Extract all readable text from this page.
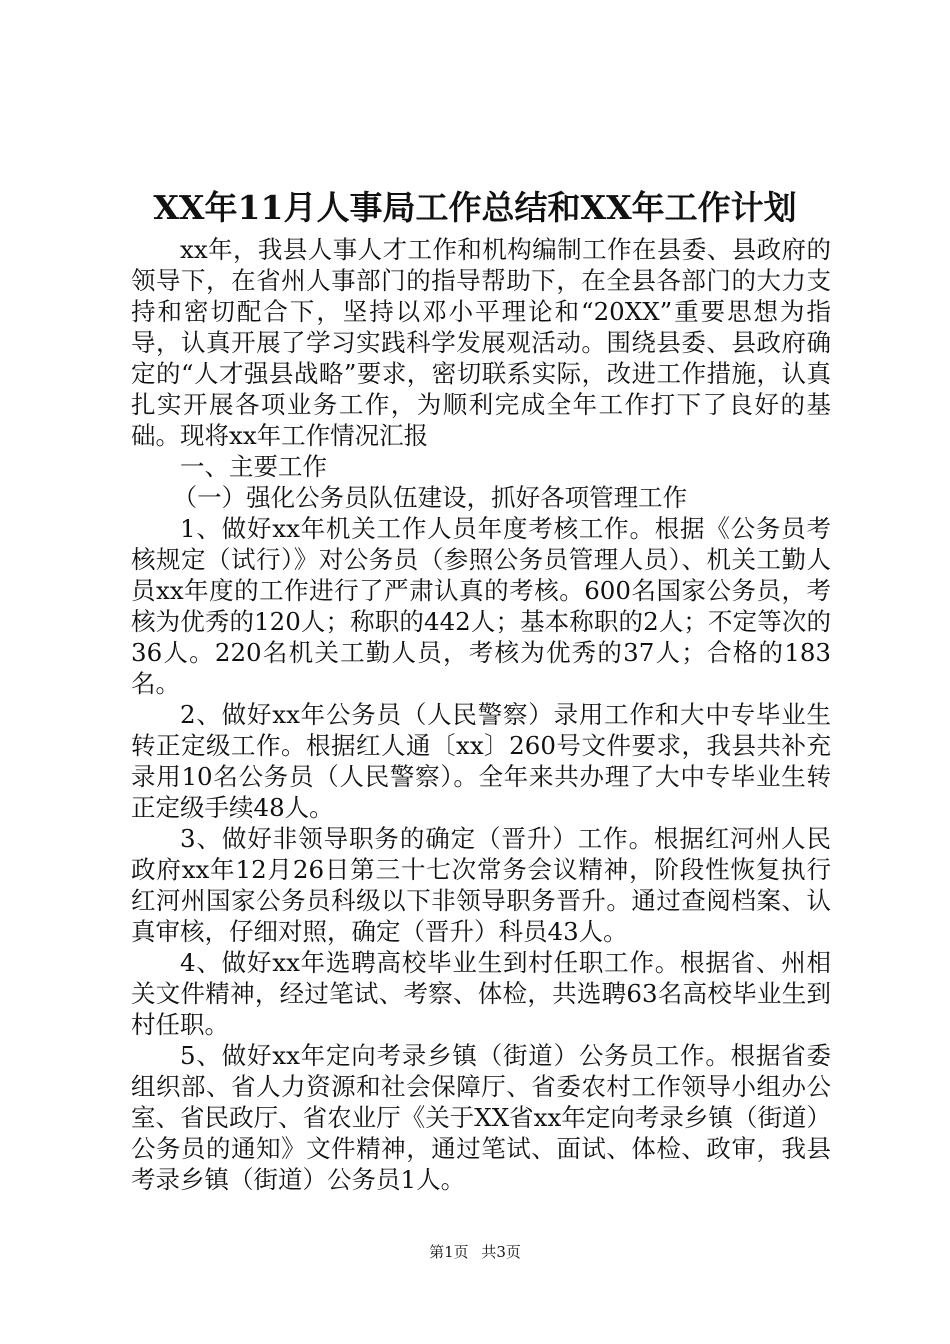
XX年11月人事局工作总结和XX年工作计划

xx年，我县人事人才工作和机构编制工作在县委、县政府的领导下，在省州人事部门的指导帮助下，在全县各部门的大力支持和密切配合下，坚持以邓小平理论和“20XX”重要思想为指导，认真开展了学习实践科学发展观活动。围绕县委、县政府确定的“人才强县战略”要求，密切联系实际，改进工作措施，认真扎实开展各项业务工作，为顺利完成全年工作打下了良好的基础。现将xx年工作情况汇报

一、主要工作

（一）强化公务员队伍建设，抓好各项管理工作

1、做好xx年机关工作人员年度考核工作。根据《公务员考核规定（试行）》对公务员（参照公务员管理人员）、机关工勤人员xx年度的工作进行了严肃认真的考核。600名国家公务员，考核为优秀的120人；称职的442人；基本称职的2人；不定等次的36人。220名机关工勤人员，考核为优秀的37人；合格的183名。

2、做好xx年公务员（人民警察）录用工作和大中专毕业生转正定级工作。根据红人通〔xx〕260号文件要求，我县共补充录用10名公务员（人民警察）。全年来共办理了大中专毕业生转正定级手续48人。

3、做好非领导职务的确定（晋升）工作。根据红河州人民政府xx年12月26日第三十七次常务会议精神，阶段性恢复执行红河州国家公务员科级以下非领导职务晋升。通过查阅档案、认真审核，仔细对照，确定（晋升）科员43人。

4、做好xx年选聘高校毕业生到村任职工作。根据省、州相关文件精神，经过笔试、考察、体检，共选聘63名高校毕业生到村任职。

5、做好xx年定向考录乡镇（街道）公务员工作。根据省委组织部、省人力资源和社会保障厅、省委农村工作领导小组办公室、省民政厅、省农业厅《关于XX省xx年定向考录乡镇（街道）公务员的通知》文件精神，通过笔试、面试、体检、政审，我县考录乡镇（街道）公务员1人。

第1页 共3页
